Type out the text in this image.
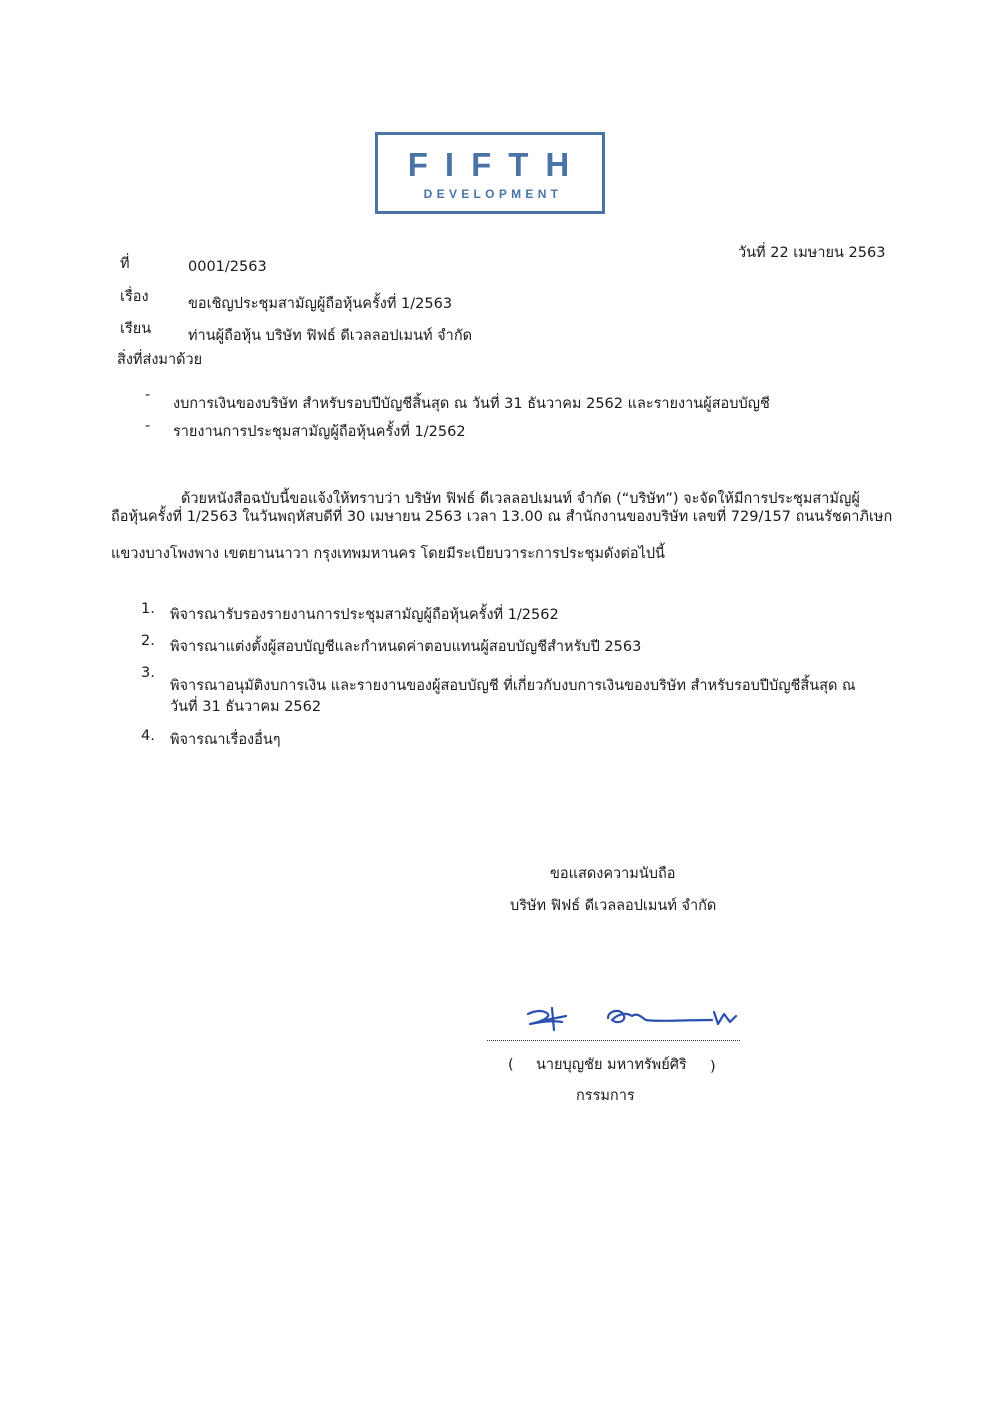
FIFTH
DEVELOPMENT
วันที่ 22 เมษายน 2563
ที่	0001/2563
เรื่อง	ขอเชิญประชุมสามัญผู้ถือหุ้นครั้งที่ 1/2563
เรียน	ท่านผู้ถือหุ้น บริษัท ฟิฟธ์ ดีเวลลอปเมนท์ จำกัด
สิ่งที่ส่งมาด้วย
-
งบการเงินของบริษัท สำหรับรอบปีบัญชีสิ้นสุด ณ วันที่ 31 ธันวาคม 2562 และรายงานผู้สอบบัญชี
- รายงานการประชุมสามัญผู้ถือหุ้นครั้งที่ 1/2562
ด้วยหนังสือฉบับนี้ขอแจ้งให้ทราบว่า บริษัท ฟิฟธ์ ดีเวลลอปเมนท์ จำกัด (“บริษัท”) จะจัดให้มีการประชุมสามัญผู้
ถือหุ้นครั้งที่ 1/2563 ในวันพฤหัสบดีที่ 30 เมษายน 2563 เวลา 13.00 ณ สำนักงานของบริษัท เลขที่ 729/157 ถนนรัชดาภิเษก
แขวงบางโพงพาง เขตยานนาวา กรุงเทพมหานคร โดยมีระเบียบวาระการประชุมดังต่อไปนี้
1. พิจารณารับรองรายงานการประชุมสามัญผู้ถือหุ้นครั้งที่ 1/2562
2. พิจารณาแต่งตั้งผู้สอบบัญชีและกำหนดค่าตอบแทนผู้สอบบัญชีสำหรับปี 2563
3.
พิจารณาอนุมัติงบการเงิน และรายงานของผู้สอบบัญชี ที่เกี่ยวกับงบการเงินของบริษัท สำหรับรอบปีบัญชีสิ้นสุด ณ
วันที่ 31 ธันวาคม 2562
4. พิจารณาเรื่องอื่นๆ
ขอแสดงความนับถือ
บริษัท ฟิฟธ์ ดีเวลลอปเมนท์ จำกัด
( นายบุญชัย มหาทรัพย์ศิริ )
กรรมการ
